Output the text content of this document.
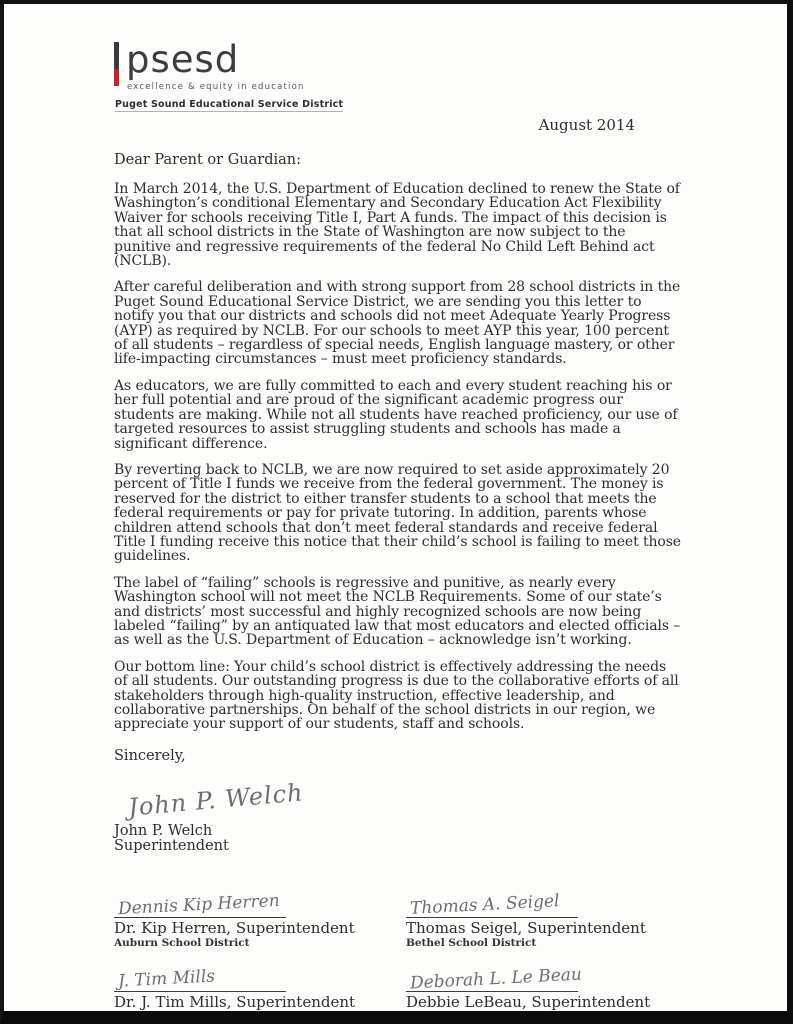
psesd
excellence & equity in education
Puget Sound Educational Service District
August 2014
Dear Parent or Guardian:

In March 2014, the U.S. Department of Education declined to renew the State of Washington’s conditional Elementary and Secondary Education Act Flexibility Waiver for schools receiving Title I, Part A funds. The impact of this decision is that all school districts in the State of Washington are now subject to the punitive and regressive requirements of the federal No Child Left Behind act (NCLB).

After careful deliberation and with strong support from 28 school districts in the Puget Sound Educational Service District, we are sending you this letter to notify you that our districts and schools did not meet Adequate Yearly Progress (AYP) as required by NCLB. For our schools to meet AYP this year, 100 percent of all students – regardless of special needs, English language mastery, or other life-impacting circumstances – must meet proficiency standards.

As educators, we are fully committed to each and every student reaching his or her full potential and are proud of the significant academic progress our students are making. While not all students have reached proficiency, our use of targeted resources to assist struggling students and schools has made a significant difference.

By reverting back to NCLB, we are now required to set aside approximately 20 percent of Title I funds we receive from the federal government. The money is reserved for the district to either transfer students to a school that meets the federal requirements or pay for private tutoring. In addition, parents whose children attend schools that don’t meet federal standards and receive federal Title I funding receive this notice that their child’s school is failing to meet those guidelines.

The label of “failing” schools is regressive and punitive, as nearly every Washington school will not meet the NCLB Requirements. Some of our state’s and districts’ most successful and highly recognized schools are now being labeled “failing” by an antiquated law that most educators and elected officials – as well as the U.S. Department of Education – acknowledge isn’t working.

Our bottom line: Your child’s school district is effectively addressing the needs of all students. Our outstanding progress is due to the collaborative efforts of all stakeholders through high-quality instruction, effective leadership, and collaborative partnerships. On behalf of the school districts in our region, we appreciate your support of our students, staff and schools.

Sincerely,
John P. Welch
John P. Welch
Superintendent
Dennis Kip Herren
Dr. Kip Herren, Superintendent
Auburn School District
Thomas A. Seigel
Thomas Seigel, Superintendent
Bethel School District
J. Tim Mills
Dr. J. Tim Mills, Superintendent
Bellevue School District
Deborah L. Le Beau
Debbie LeBeau, Superintendent
Clover Park School District
